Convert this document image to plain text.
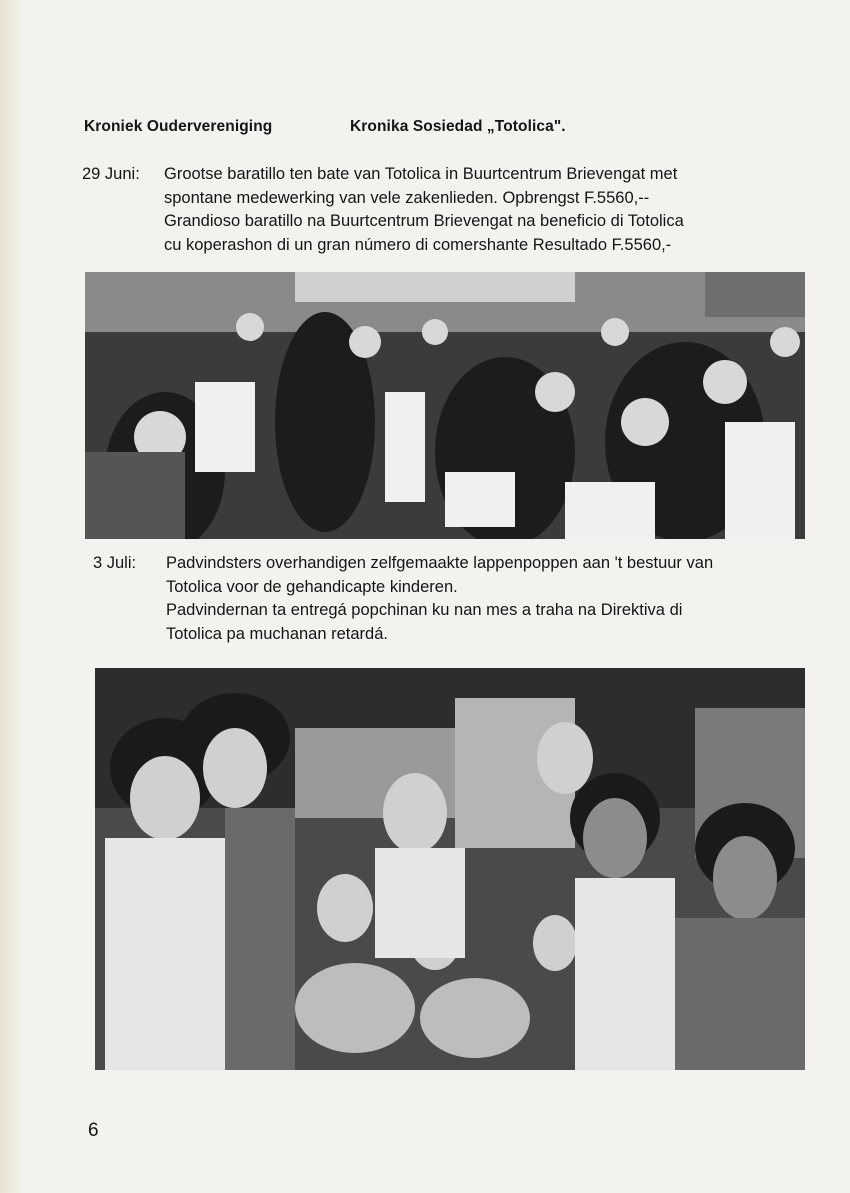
Kroniek Oudervereniging	Kronika Sosiedad „Totolica".
29 Juni: Grootse baratillo ten bate van Totolica in Buurtcentrum Brievengat met
spontane medewerking van vele zakenlieden. Opbrengst F.5560,--
Grandioso baratillo na Buurtcentrum Brievengat na beneficio di Totolica
cu koperashon di un gran número di comershante Resultado F.5560,-
3 Juli: Padvindsters overhandigen zelfgemaakte lappenpoppen aan 't bestuur van
Totolica voor de gehandicapte kinderen.
Padvindernan ta entregá popchinan ku nan mes a traha na Direktiva di
Totolica pa muchanan retardá.
6
